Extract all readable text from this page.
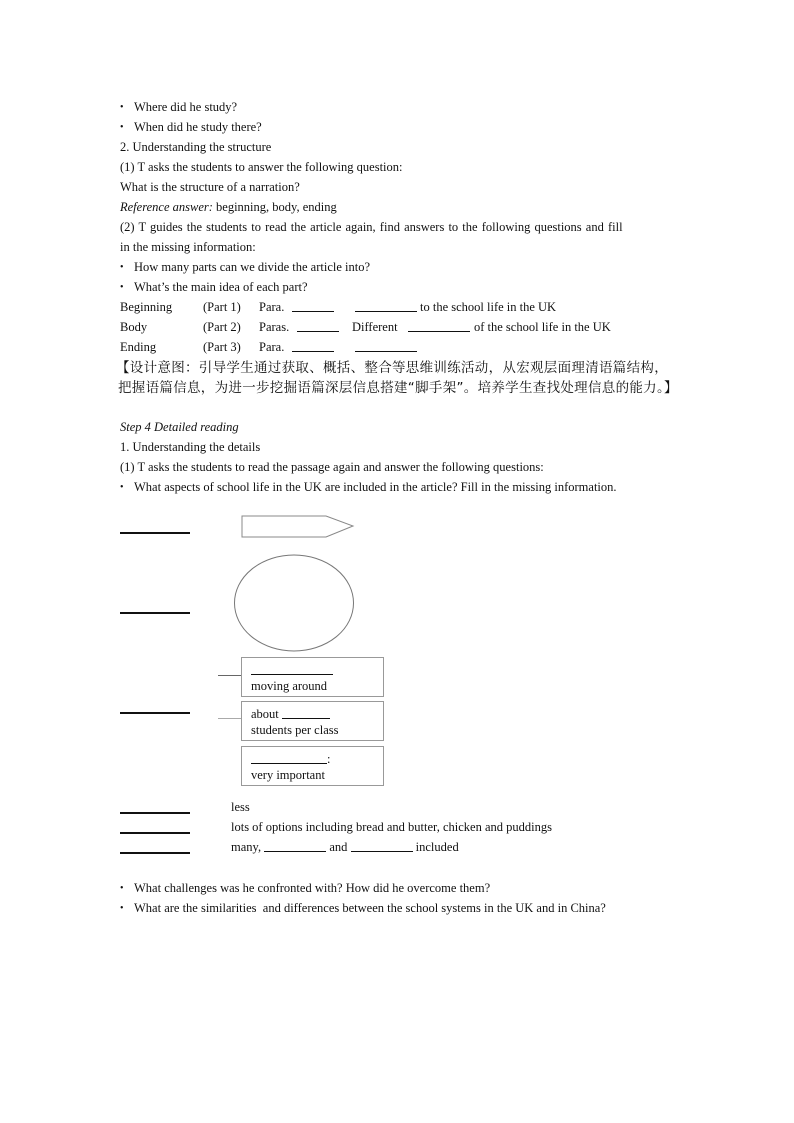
• Where did he study?
• When did he study there?
2. Understanding the structure
(1) T asks the students to answer the following question:
What is the structure of a narration?
Reference answer: beginning, body, ending
(2) T guides the students to read the article again, find answers to the following questions and fill
in the missing information:
• How many parts can we divide the article into?
• What’s the main idea of each part?
Beginning (Part 1) Para.	to the school life in the UK
Body	(Part 2) Paras.	Different	of the school life in the UK
Ending	(Part 3) Para.
【设计意图：引导学生通过获取、概括、整合等思维训练活动，从宏观层面理清语篇结构，
把握语篇信息，为进一步挖掘语篇深层信息搭建“脚手架”。培养学生查找处理信息的能力。】
Step 4 Detailed reading
1. Understanding the details
(1) T asks the students to read the passage again and answer the following questions:
• What aspects of school life in the UK are included in the article? Fill in the missing information.
moving around
about
students per class
:
very important
less
lots of options including bread and butter, chicken and puddings
many,	and	included
• What challenges was he confronted with? How did he overcome them?
• What are the similarities  and differences between the school systems in the UK and in China?
